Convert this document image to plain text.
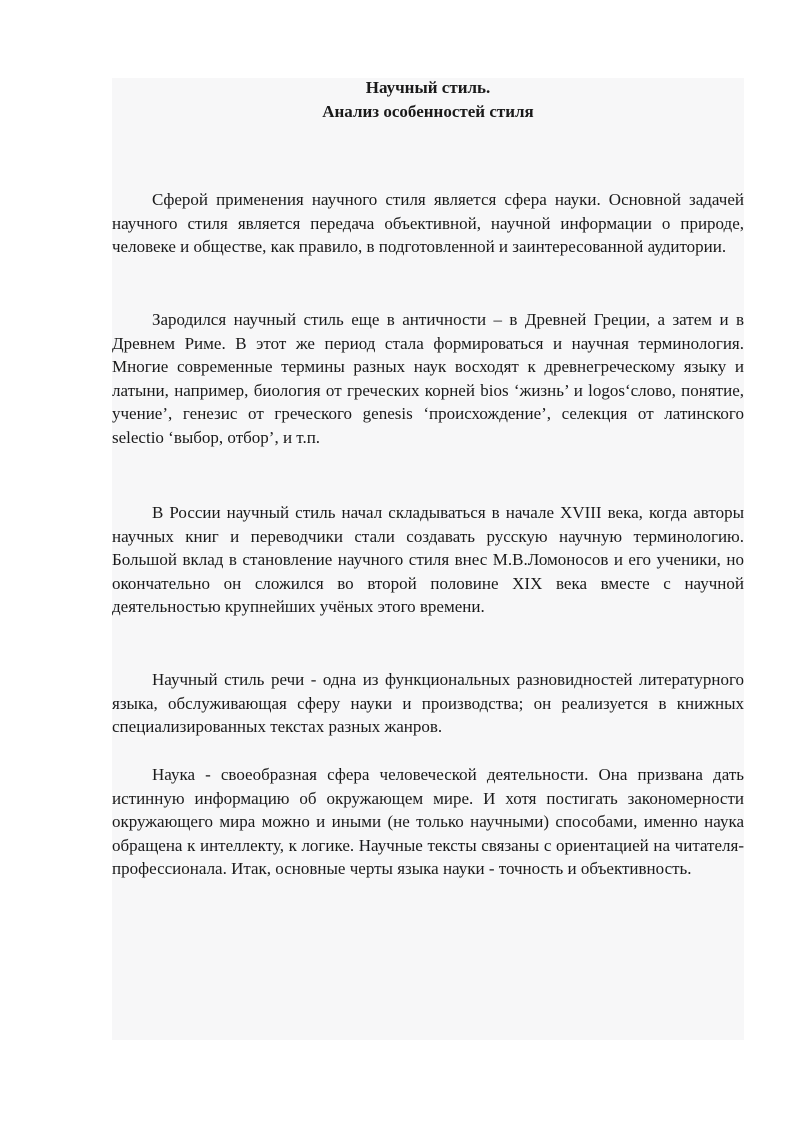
Научный стиль.
Анализ особенностей стиля

Сферой применения научного стиля является сфера науки. Основной задачей научного стиля является передача объективной, научной информации о природе, человеке и обществе, как правило, в подготовленной и заинтересованной аудитории.

Зародился научный стиль еще в античности – в Древней Греции, а затем и в Древнем Риме. В этот же период стала формироваться и научная терминология. Многие современные термины разных наук восходят к древнегреческому языку и латыни, например, биология от греческих корней bios ‘жизнь’ и logos‘слово, понятие, учение’, генезис от греческого genesis ‘происхождение’, селекция от латинского selectio ‘выбор, отбор’, и т.п.

В России научный стиль начал складываться в начале XVIII века, когда авторы научных книг и переводчики стали создавать русскую научную терминологию. Большой вклад в становление научного стиля внес М.В.Ломоносов и его ученики, но окончательно он сложился во второй половине XIX века вместе с научной деятельностью крупнейших учёных этого времени.

Научный стиль речи - одна из функциональных разновидностей литературного языка, обслуживающая сферу науки и производства; он реализуется в книжных специализированных текстах разных жанров.

Наука - своеобразная сфера человеческой деятельности. Она призвана дать истинную информацию об окружающем мире. И хотя постигать закономерности окружающего мира можно и иными (не только научными) способами, именно наука обращена к интеллекту, к логике. Научные тексты связаны с ориентацией на читателя-профессионала. Итак, основные черты языка науки - точность и объективность.
